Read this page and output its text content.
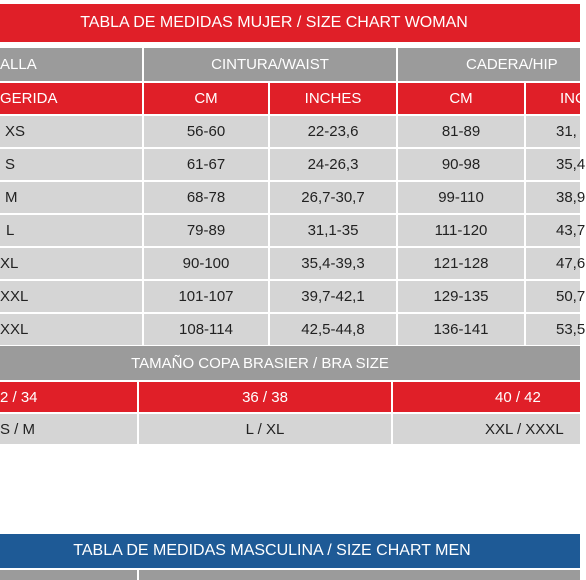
TABLA DE MEDIDAS MUJER / SIZE CHART WOMAN
ALLA	CINTURA/WAIST	CADERA/HIP
GERIDA	CM	INCHES	CM	INC
XS	56-60	22-23,6	81-89	31,
S	61-67	24-26,3	90-98	35,4
M	68-78	26,7-30,7	99-110	38,9
L	79-89	31,1-35	111-120	43,7
XL	90-100	35,4-39,3	121-128	47,6
XXL	101-107	39,7-42,1	129-135	50,7
XXL	108-114	42,5-44,8	136-141	53,5
TAMAÑO COPA BRASIER / BRA SIZE
2 / 34	36 / 38	40 / 42
S / M	L / XL	XXL / XXXL
TABLA DE MEDIDAS MASCULINA / SIZE CHART MEN
